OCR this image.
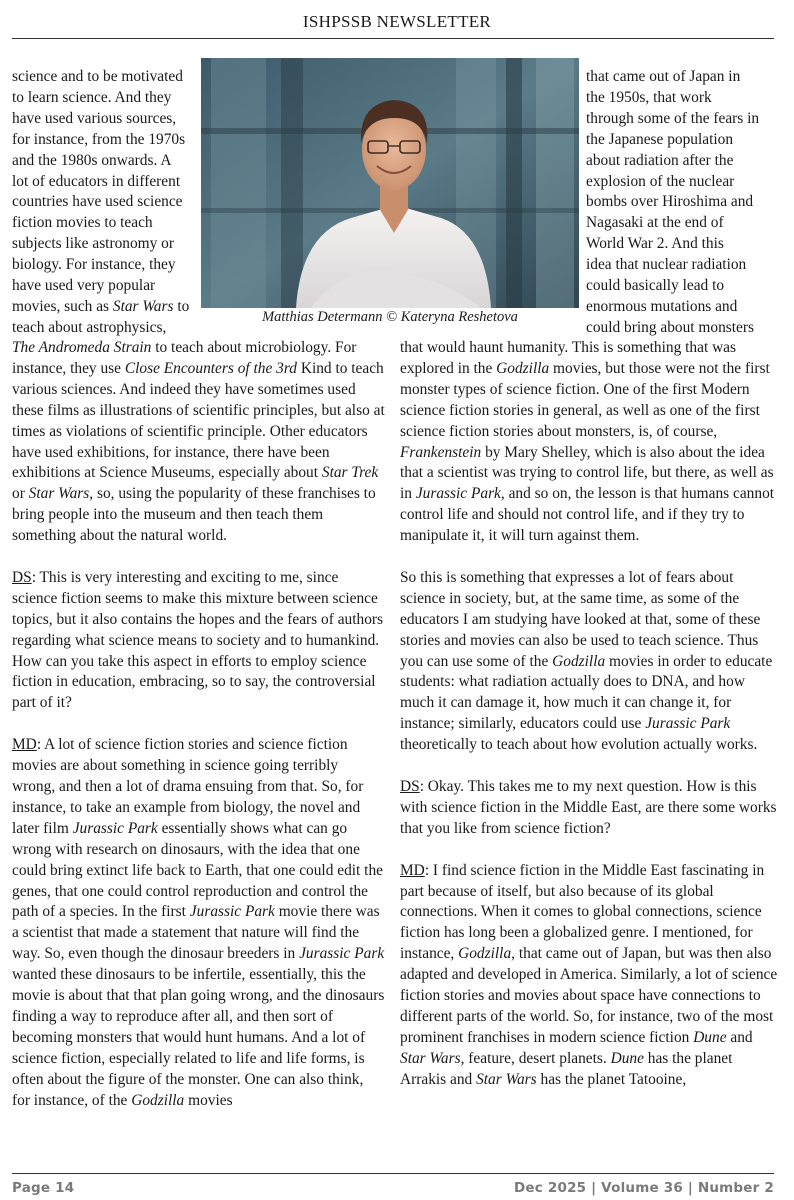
ISHPSSB NEWSLETTER
science and to be motivated
to learn science. And they
have used various sources,
for instance, from the 1970s
and the 1980s onwards. A
lot of educators in different
countries have used science
fiction movies to teach
subjects like astronomy or
biology. For instance, they
have used very popular
movies, such as Star Wars to
teach about astrophysics,

The Andromeda Strain to teach about microbiology. For instance, they use Close Encounters of the 3rd Kind to teach various sciences. And indeed they have sometimes used these films as illustrations of scientific principles, but also at times as violations of scientific principle. Other educators have used exhibitions, for instance, there have been exhibitions at Science Museums, especially about Star Trek or Star Wars, so, using the popularity of these franchises to bring people into the museum and then teach them something about the natural world.

DS: This is very interesting and exciting to me, since science fiction seems to make this mixture between science topics, but it also contains the hopes and the fears of authors regarding what science means to society and to humankind. How can you take this aspect in efforts to employ science fiction in education, embracing, so to say, the controversial part of it?

MD: A lot of science fiction stories and science fiction movies are about something in science going terribly wrong, and then a lot of drama ensuing from that. So, for instance, to take an example from biology, the novel and later film Jurassic Park essentially shows what can go wrong with research on dinosaurs, with the idea that one could bring extinct life back to Earth, that one could edit the genes, that one could control reproduction and control the path of a species. In the first Jurassic Park movie there was a scientist that made a statement that nature will find the way. So, even though the dinosaur breeders in Jurassic Park wanted these dinosaurs to be infertile, essentially, this the movie is about that that plan going wrong, and the dinosaurs finding a way to reproduce after all, and then sort of becoming monsters that would hunt humans. And a lot of science fiction, especially related to life and life forms, is often about the figure of the monster. One can also think, for instance, of the Godzilla movies

Matthias Determann © Kateryna Reshetova
that came out of Japan in
the 1950s, that work
through some of the fears in
the Japanese population
about radiation after the
explosion of the nuclear
bombs over Hiroshima and
Nagasaki at the end of
World War 2. And this
idea that nuclear radiation
could basically lead to
enormous mutations and
could bring about monsters

that would haunt humanity. This is something that was explored in the Godzilla movies, but those were not the first monster types of science fiction. One of the first Modern science fiction stories in general, as well as one of the first science fiction stories about monsters, is, of course, Frankenstein by Mary Shelley, which is also about the idea that a scientist was trying to control life, but there, as well as in Jurassic Park, and so on, the lesson is that humans cannot control life and should not control life, and if they try to manipulate it, it will turn against them.

So this is something that expresses a lot of fears about science in society, but, at the same time, as some of the educators I am studying have looked at that, some of these stories and movies can also be used to teach science. Thus you can use some of the Godzilla movies in order to educate students: what radiation actually does to DNA, and how much it can damage it, how much it can change it, for instance; similarly, educators could use Jurassic Park theoretically to teach about how evolution actually works.

DS: Okay. This takes me to my next question. How is this with science fiction in the Middle East, are there some works that you like from science fiction?

MD: I find science fiction in the Middle East fascinating in part because of itself, but also because of its global connections. When it comes to global connections, science fiction has long been a globalized genre. I mentioned, for instance, Godzilla, that came out of Japan, but was then also adapted and developed in America. Similarly, a lot of science fiction stories and movies about space have connections to different parts of the world. So, for instance, two of the most prominent franchises in modern science fiction Dune and Star Wars, feature, desert planets. Dune has the planet Arrakis and Star Wars has the planet Tatooine,

Page 14	Dec 2025 | Volume 36 | Number 2
